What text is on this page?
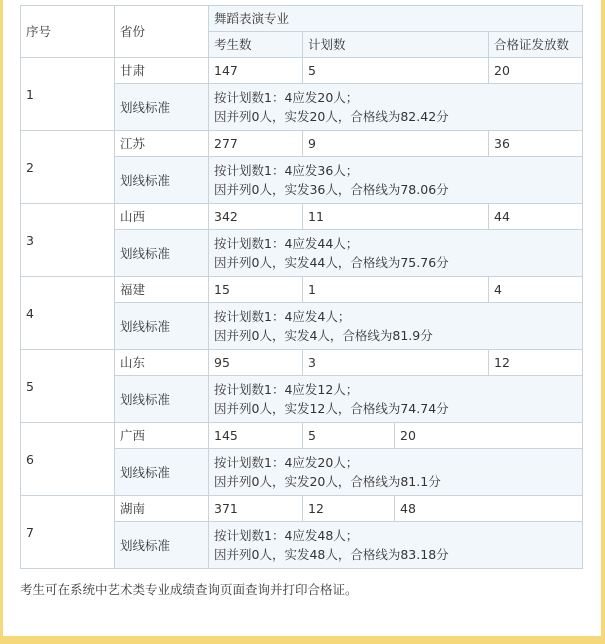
序号	省份	舞蹈表演专业			
		考生数	计划数		合格证发放数
1	甘肃	147	5		20
	划线标准	按计划数1：4应发20人；
因并列0人，实发20人，合格线为82.42分			

2	江苏	277	9		36
	划线标准	按计划数1：4应发36人；
因并列0人，实发36人，合格线为78.06分			

3	山西	342	11		44
	划线标准	按计划数1：4应发44人；
因并列0人，实发44人，合格线为75.76分			

4	福建	15	1		4
	划线标准	按计划数1：4应发4人；
因并列0人，实发4人，合格线为81.9分			

5	山东	95	3		12
	划线标准	按计划数1：4应发12人；
因并列0人，实发12人，合格线为74.74分			

6	广西	145	5	20	
	划线标准	按计划数1：4应发20人；
因并列0人，实发20人，合格线为81.1分			

7	湖南	371	12	48	
	划线标准	按计划数1：4应发48人；
因并列0人，实发48人，合格线为83.18分			
考生可在系统中艺术类专业成绩查询页面查询并打印合格证。
